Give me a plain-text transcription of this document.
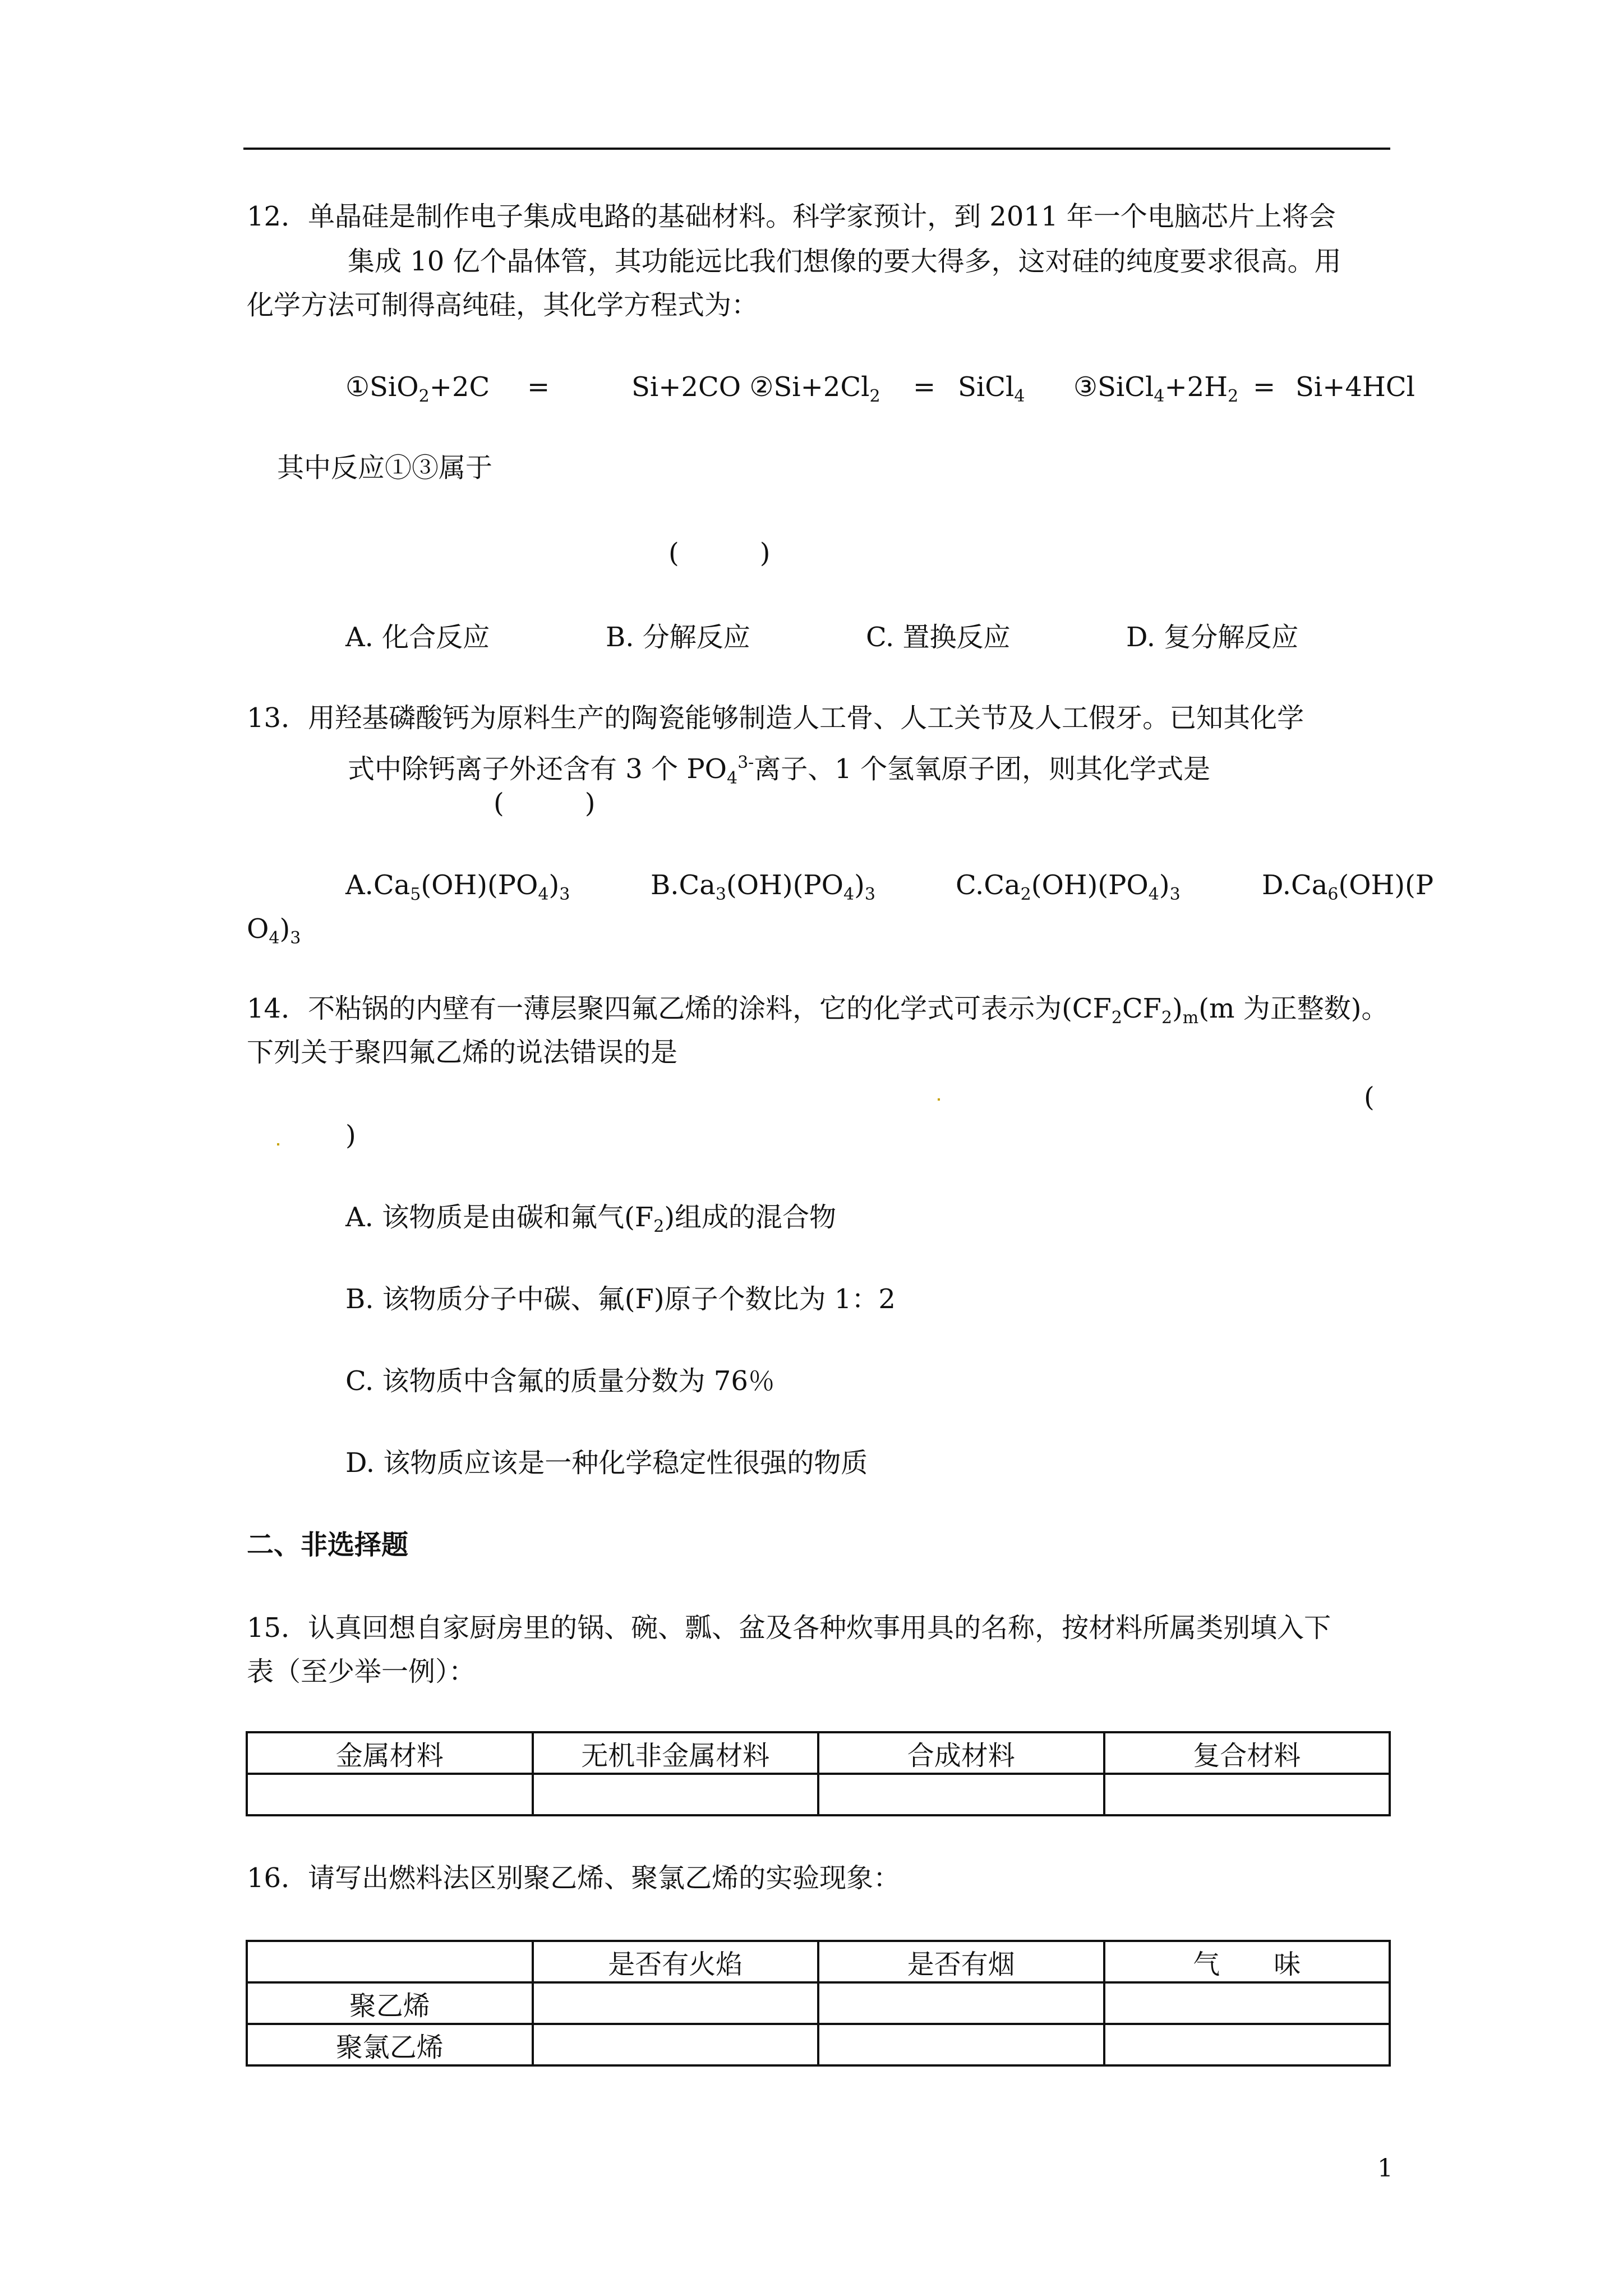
12．单晶硅是制作电子集成电路的基础材料。科学家预计，到 2011 年一个电脑芯片上将会
集成 10 亿个晶体管，其功能远比我们想像的要大得多，这对硅的纯度要求很高。用
化学方法可制得高纯硅，其化学方程式为：
①SiO$_2$+2C =	Si+2CO $②Si+2Cl_2$ = SiCl$_4$ $③SiCl_4+2H_2 = Si+4HCl$
其中反应①③属于
(　　　)
A. 化合反应	B. 分解反应	C. 置换反应	D. 复分解反应
13．用羟基磷酸钙为原料生产的陶瓷能够制造人工骨、人工关节及人工假牙。已知其化学
式中除钙离子外还含有 3 个 $PO_4^{3-}$离子、1 个氢氧原子团，则其化学式是
(　　　)
$A.Ca_5(OH)(PO_4)_3$	$B.Ca_3(OH)(PO_4)_3$	$C.Ca_2(OH)(PO_4)_3$	$D.Ca_6(OH)(P$
$O_4)_3$
14．不粘锅的内壁有一薄层聚四氟乙烯的涂料，它的化学式可表示为$(CF_2CF_2)_m(m$ 为正整数)。
下列关于聚四氟乙烯的说法错误的是
(
)
A. 该物质是由碳和氟气$(F_2)$组成的混合物
B. 该物质分子中碳、氟(F)原子个数比为 1：2
C. 该物质中含氟的质量分数为 76％
D. 该物质应该是一种化学稳定性很强的物质
二、非选择题
15．认真回想自家厨房里的锅、碗、瓢、盆及各种炊事用具的名称，按材料所属类别填入下
表（至少举一例）：
金属材料	无机非金属材料	合成材料	复合材料

16．请写出燃料法区别聚乙烯、聚氯乙烯的实验现象：
	是否有火焰	是否有烟	气　　味
聚乙烯			
聚氯乙烯			
1
